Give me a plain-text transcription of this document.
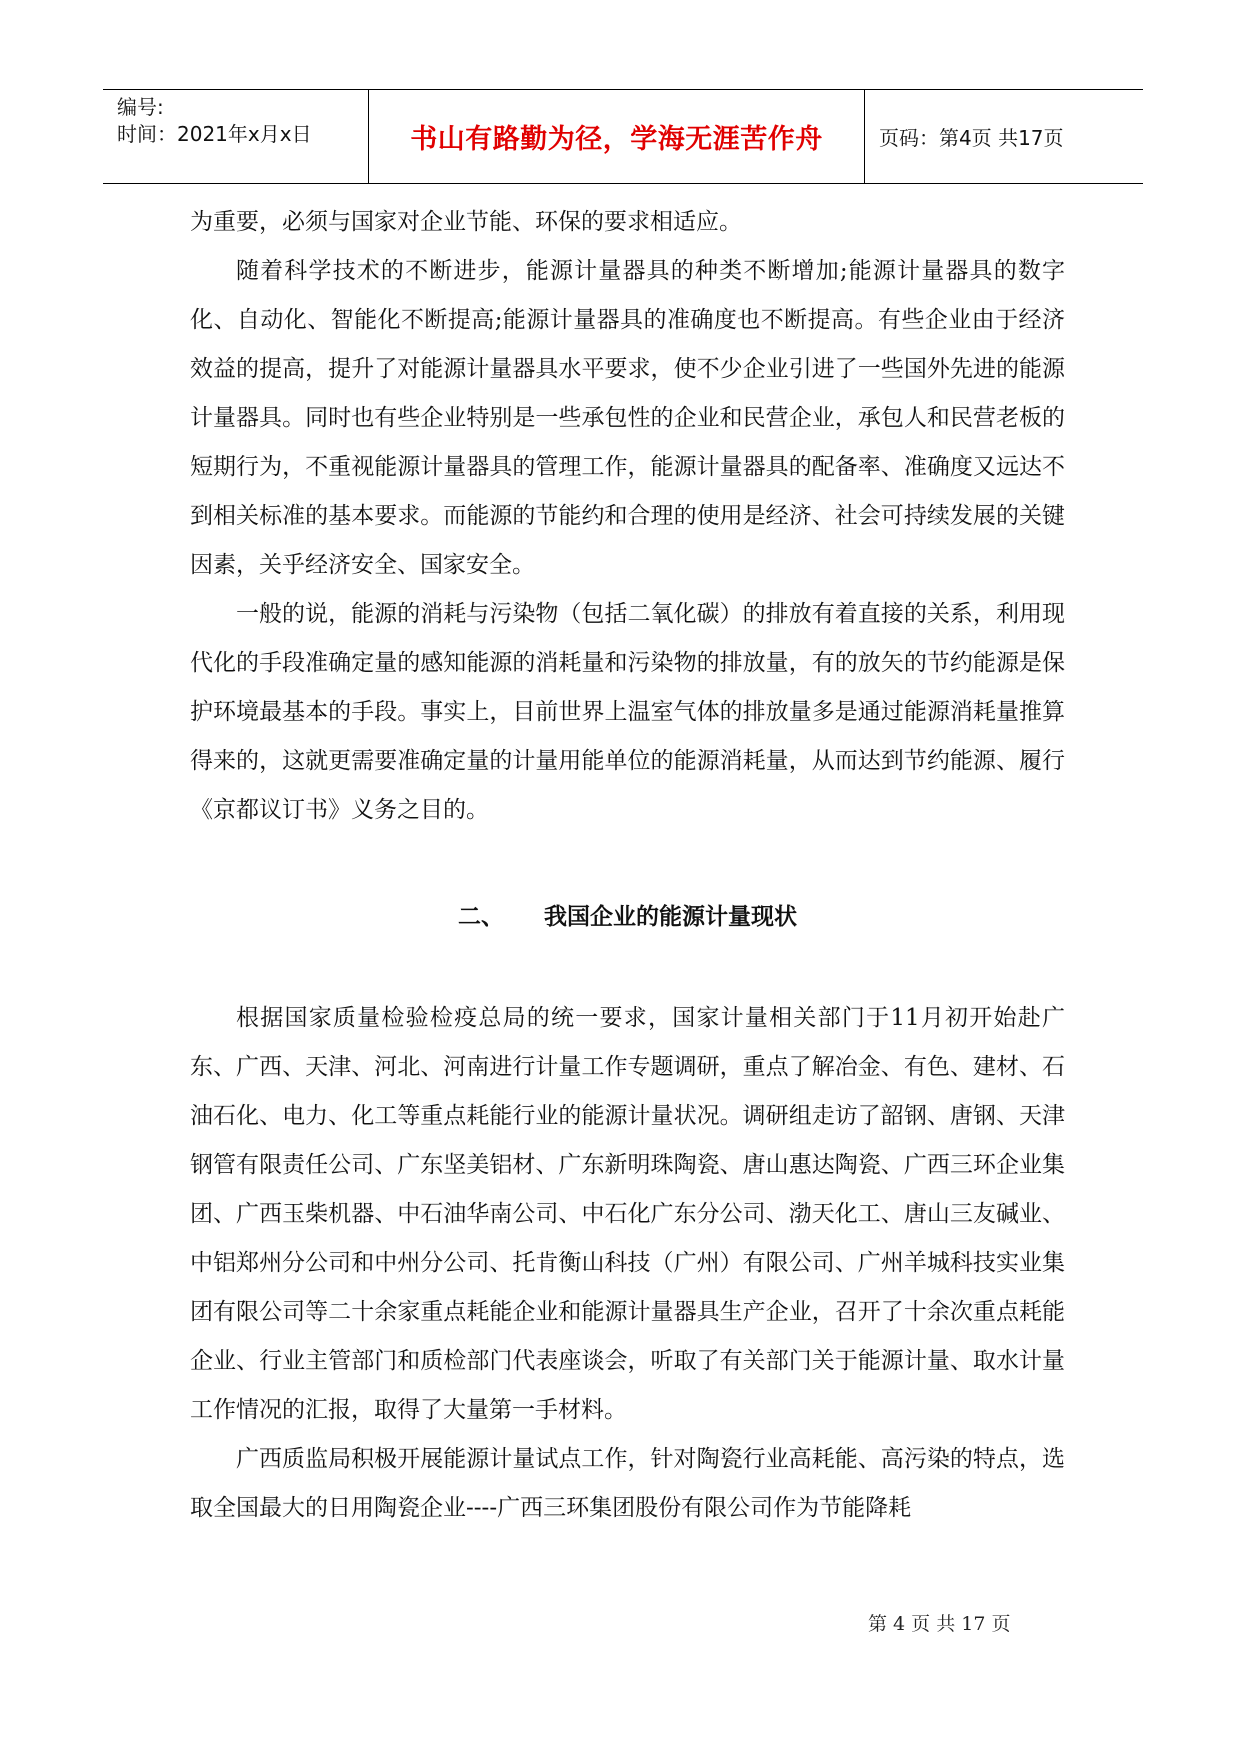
编号:
时间：2021年x月x日	书山有路勤为径，学海无涯苦作舟	页码：第4页 共17页

为重要，必须与国家对企业节能、环保的要求相适应。

随着科学技术的不断进步，能源计量器具的种类不断增加;能源计量器具的数字化、自动化、智能化不断提高;能源计量器具的准确度也不断提高。有些企业由于经济效益的提高，提升了对能源计量器具水平要求，使不少企业引进了一些国外先进的能源计量器具。同时也有些企业特别是一些承包性的企业和民营企业，承包人和民营老板的短期行为，不重视能源计量器具的管理工作，能源计量器具的配备率、准确度又远达不到相关标准的基本要求。而能源的节能约和合理的使用是经济、社会可持续发展的关键因素，关乎经济安全、国家安全。

一般的说，能源的消耗与污染物（包括二氧化碳）的排放有着直接的关系，利用现代化的手段准确定量的感知能源的消耗量和污染物的排放量，有的放矢的节约能源是保护环境最基本的手段。事实上，目前世界上温室气体的排放量多是通过能源消耗量推算得来的，这就更需要准确定量的计量用能单位的能源消耗量，从而达到节约能源、履行《京都议订书》义务之目的。

二、 我国企业的能源计量现状

根据国家质量检验检疫总局的统一要求，国家计量相关部门于11月初开始赴广东、广西、天津、河北、河南进行计量工作专题调研，重点了解冶金、有色、建材、石油石化、电力、化工等重点耗能行业的能源计量状况。调研组走访了韶钢、唐钢、天津钢管有限责任公司、广东坚美铝材、广东新明珠陶瓷、唐山惠达陶瓷、广西三环企业集团、广西玉柴机器、中石油华南公司、中石化广东分公司、渤天化工、唐山三友碱业、中铝郑州分公司和中州分公司、托肯衡山科技（广州）有限公司、广州羊城科技实业集团有限公司等二十余家重点耗能企业和能源计量器具生产企业，召开了十余次重点耗能企业、行业主管部门和质检部门代表座谈会，听取了有关部门关于能源计量、取水计量工作情况的汇报，取得了大量第一手材料。

广西质监局积极开展能源计量试点工作，针对陶瓷行业高耗能、高污染的特点，选取全国最大的日用陶瓷企业----广西三环集团股份有限公司作为节能降耗

第 4 页 共 17 页
